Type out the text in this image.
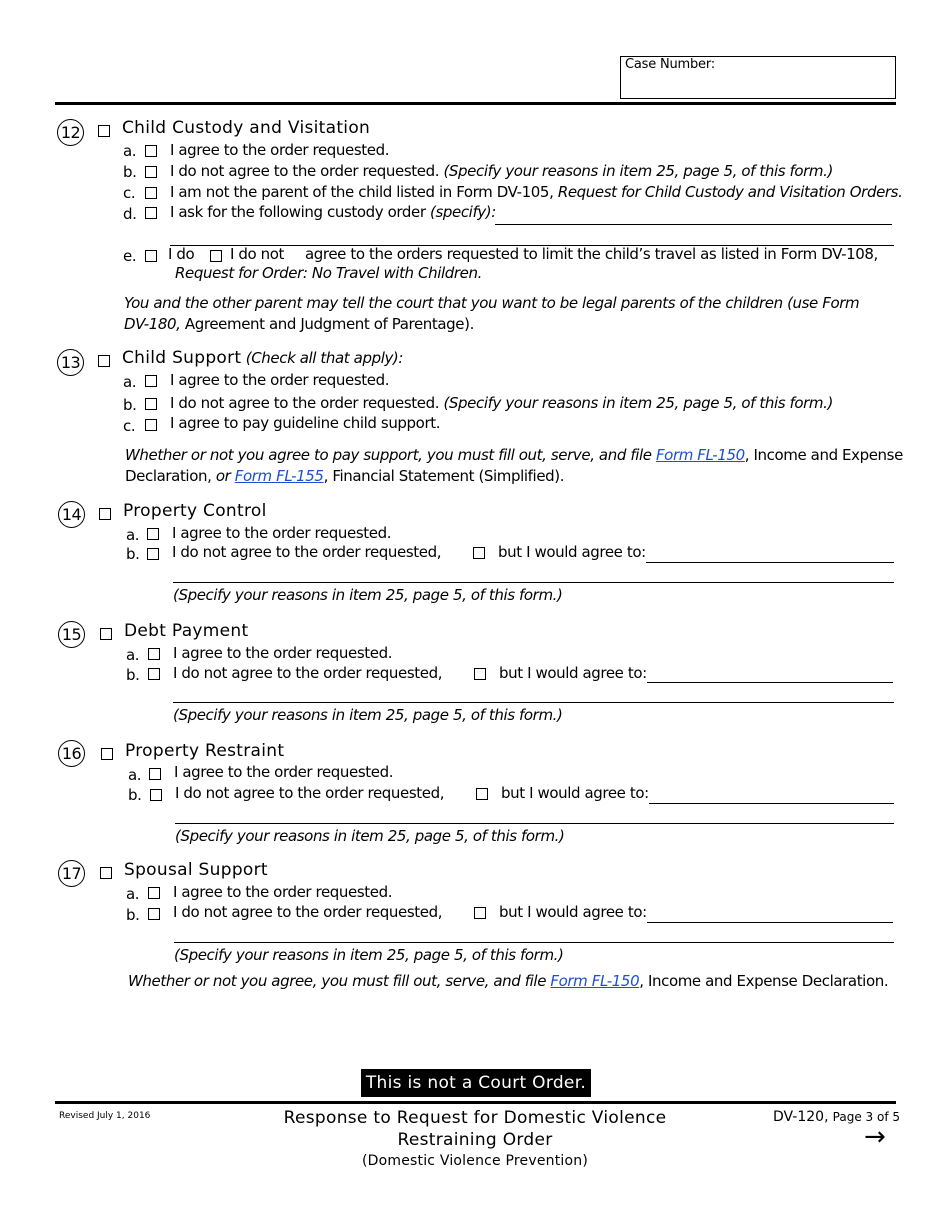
Case Number:
12 Child Custody and Visitation
a. I agree to the order requested.
b. I do not agree to the order requested. (Specify your reasons in item 25, page 5, of this form.)
c. I am not the parent of the child listed in Form DV-105, Request for Child Custody and Visitation Orders.
d. I ask for the following custody order (specify):
e. I do I do not agree to the orders requested to limit the child’s travel as listed in Form DV-108,
Request for Order: No Travel with Children.
You and the other parent may tell the court that you want to be legal parents of the children (use Form
DV-180, Agreement and Judgment of Parentage).
13 Child Support (Check all that apply):
a. I agree to the order requested.
b. I do not agree to the order requested. (Specify your reasons in item 25, page 5, of this form.)
c. I agree to pay guideline child support.
Whether or not you agree to pay support, you must fill out, serve, and file Form FL-150, Income and Expense
Declaration, or Form FL-155, Financial Statement (Simplified).
14 Property Control
a. I agree to the order requested.
b. I do not agree to the order requested,	but I would agree to:
(Specify your reasons in item 25, page 5, of this form.)
15	Debt Payment
a. I agree to the order requested.
b. I do not agree to the order requested,	but I would agree to:
(Specify your reasons in item 25, page 5, of this form.)
16	Property Restraint
a. I agree to the order requested.
b. I do not agree to the order requested,	but I would agree to:
(Specify your reasons in item 25, page 5, of this form.)
17	Spousal Support
a. I agree to the order requested.
b. I do not agree to the order requested,	but I would agree to:
(Specify your reasons in item 25, page 5, of this form.)
Whether or not you agree, you must fill out, serve, and file Form FL-150, Income and Expense Declaration.
This is not a Court Order.
Revised July 1, 2016	Response to Request for Domestic Violence
Restraining Order
(Domestic Violence Prevention)
DV-120, Page 3 of 5
→
